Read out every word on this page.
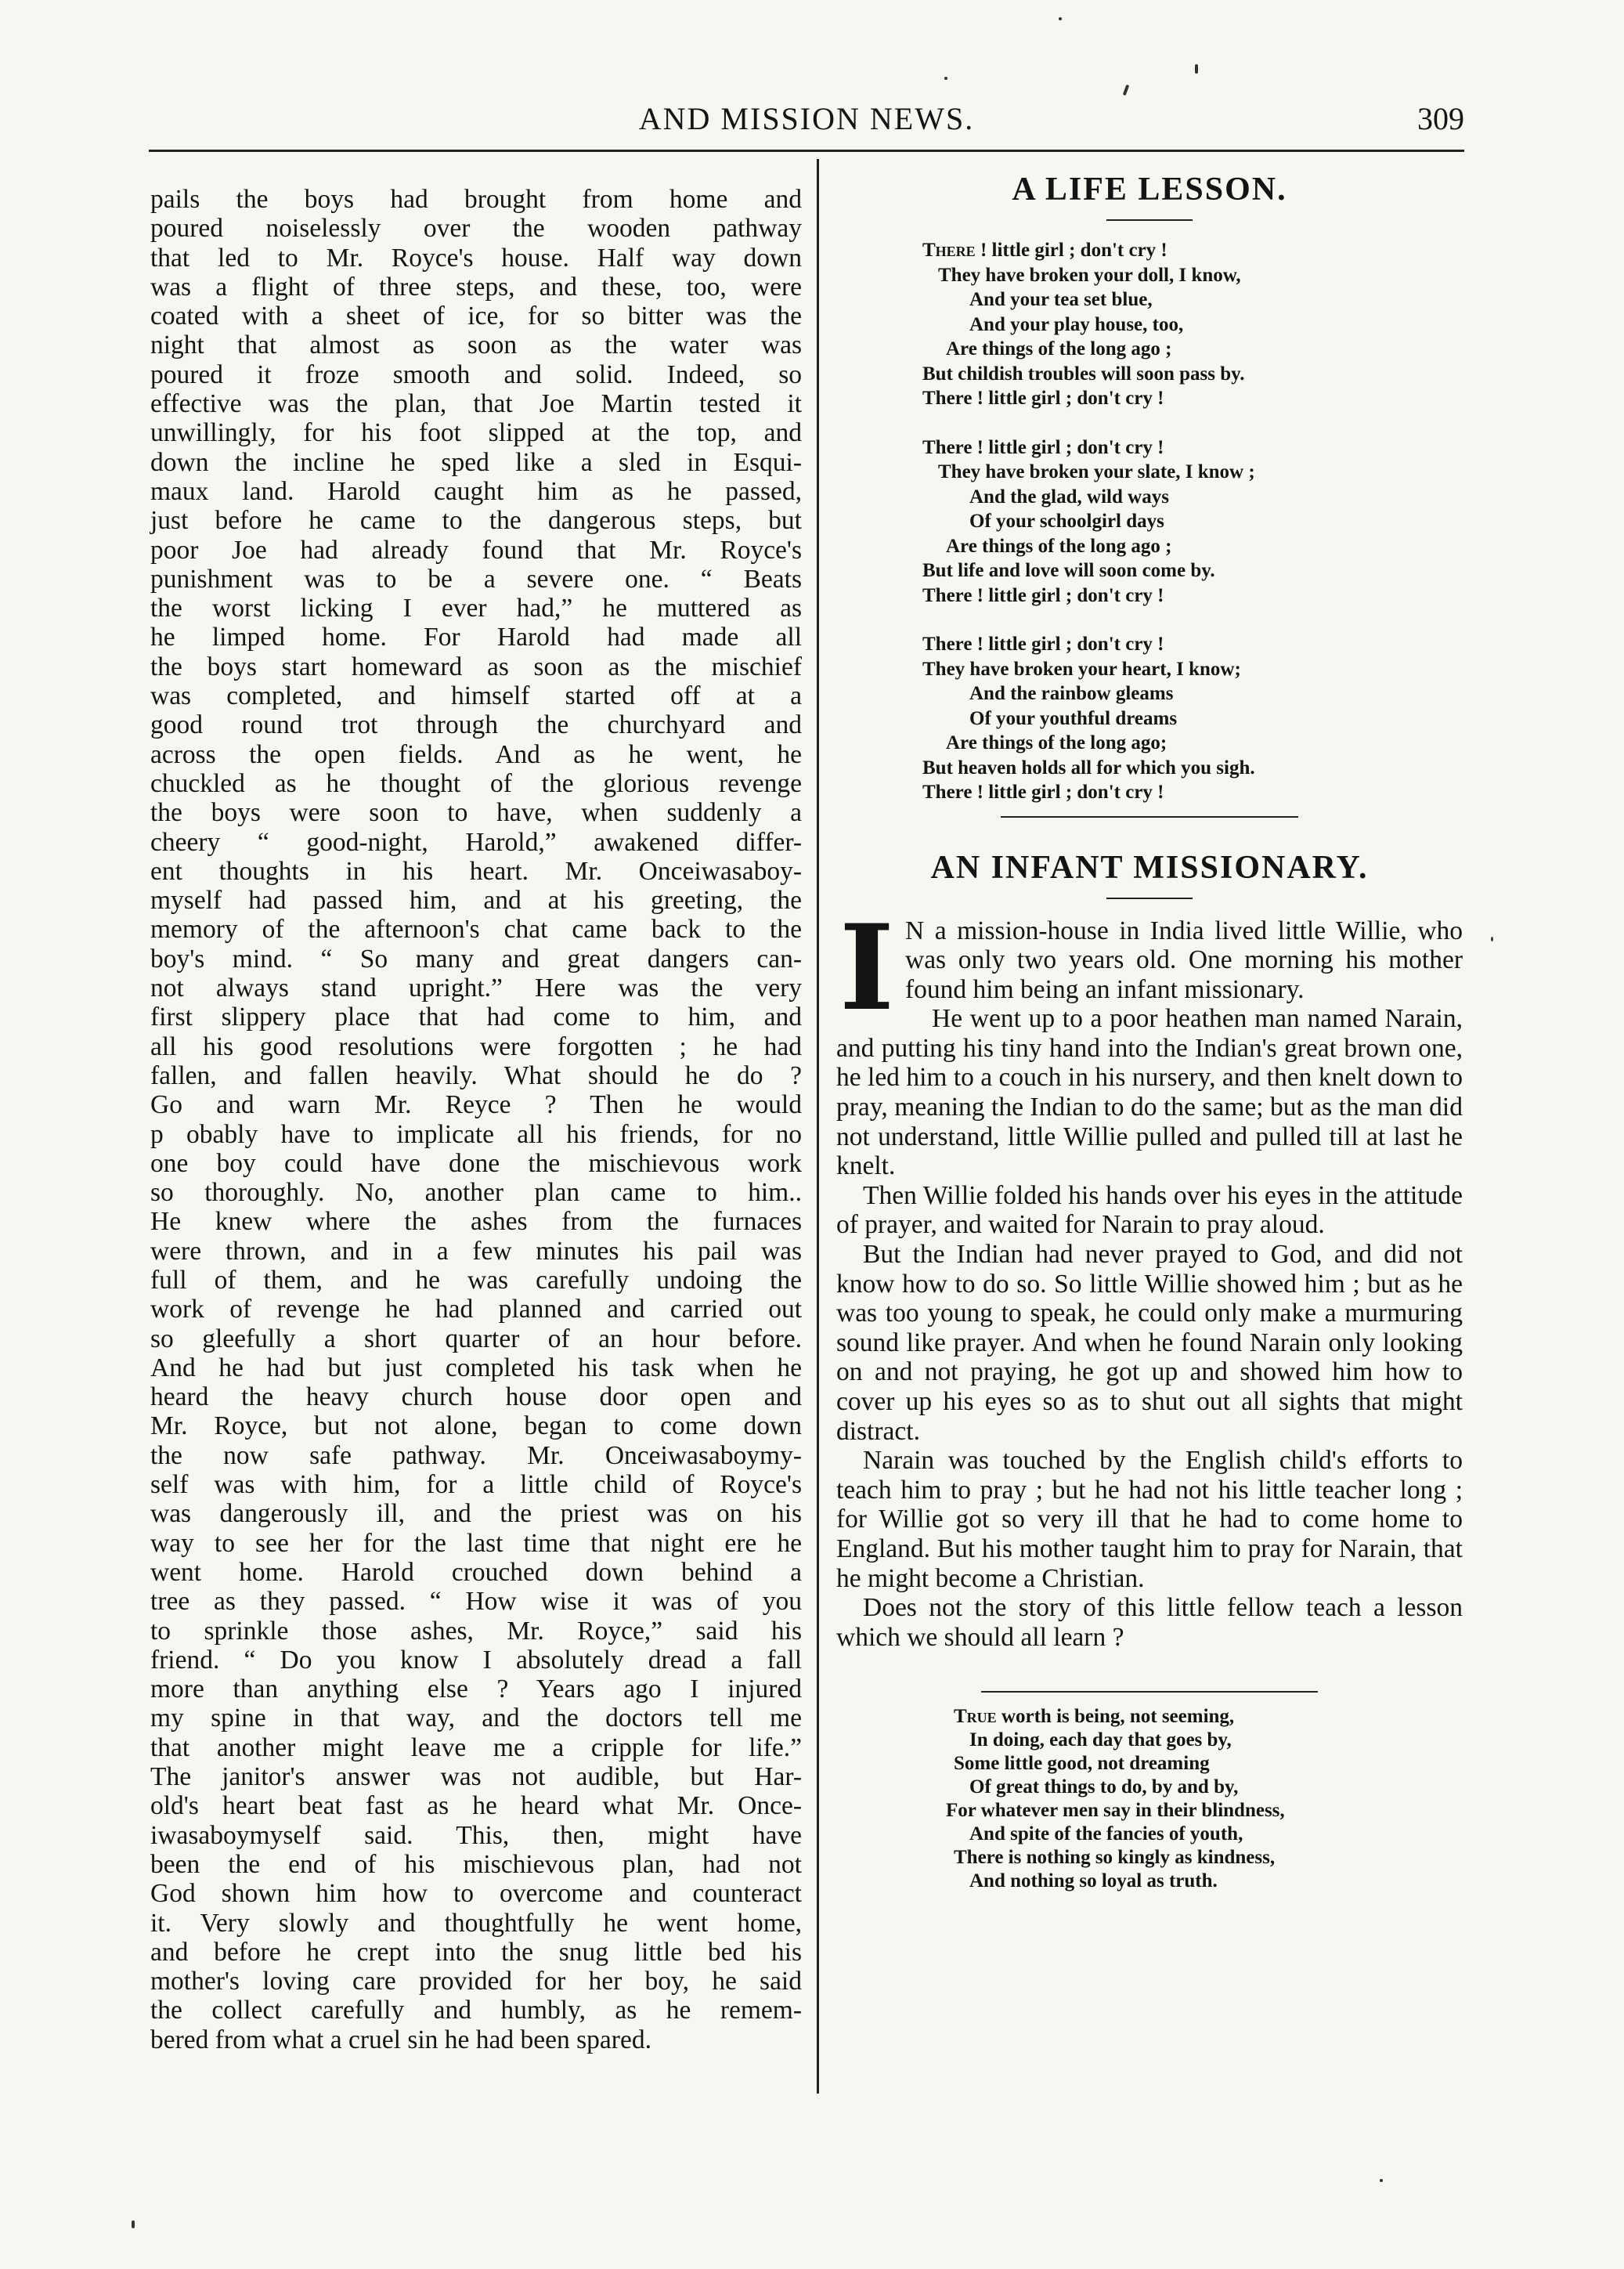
AND MISSION NEWS.	309
pails the boys had brought from home and
poured noiselessly over the wooden pathway
that led to Mr. Royce's house. Half way down
was a flight of three steps, and these, too, were
coated with a sheet of ice, for so bitter was the
night that almost as soon as the water was
poured it froze smooth and solid. Indeed, so
effective was the plan, that Joe Martin tested it
unwillingly, for his foot slipped at the top, and
down the incline he sped like a sled in Esqui-
maux land. Harold caught him as he passed,
just before he came to the dangerous steps, but
poor Joe had already found that Mr. Royce's
punishment was to be a severe one. “ Beats
the worst licking I ever had,” he muttered as
he limped home. For Harold had made all
the boys start homeward as soon as the mischief
was completed, and himself started off at a
good round trot through the churchyard and
across the open fields. And as he went, he
chuckled as he thought of the glorious revenge
the boys were soon to have, when suddenly a
cheery “ good-night, Harold,” awakened differ-
ent thoughts in his heart. Mr. Onceiwasaboy-
myself had passed him, and at his greeting, the
memory of the afternoon's chat came back to the
boy's mind. “ So many and great dangers can-
not always stand upright.” Here was the very
first slippery place that had come to him, and
all his good resolutions were forgotten ; he had
fallen, and fallen heavily. What should he do ?
Go and warn Mr. Reyce ? Then he would
p obably have to implicate all his friends, for no
one boy could have done the mischievous work
so thoroughly. No, another plan came to him..
He knew where the ashes from the furnaces
were thrown, and in a few minutes his pail was
full of them, and he was carefully undoing the
work of revenge he had planned and carried out
so gleefully a short quarter of an hour before.
And he had but just completed his task when he
heard the heavy church house door open and
Mr. Royce, but not alone, began to come down
the now safe pathway. Mr. Onceiwasaboymy-
self was with him, for a little child of Royce's
was dangerously ill, and the priest was on his
way to see her for the last time that night ere he
went home. Harold crouched down behind a
tree as they passed. “ How wise it was of you
to sprinkle those ashes, Mr. Royce,” said his
friend. “ Do you know I absolutely dread a fall
more than anything else ? Years ago I injured
my spine in that way, and the doctors tell me
that another might leave me a cripple for life.”
The janitor's answer was not audible, but Har-
old's heart beat fast as he heard what Mr. Once-
iwasaboymyself said. This, then, might have
been the end of his mischievous plan, had not
God shown him how to overcome and counteract
it. Very slowly and thoughtfully he went home,
and before he crept into the snug little bed his
mother's loving care provided for her boy, he said
the collect carefully and humbly, as he remem-
bered from what a cruel sin he had been spared.
A LIFE LESSON.
There ! little girl ; don't cry !
They have broken your doll, I know,
And your tea set blue,
And your play house, too,
Are things of the long ago ;
But childish troubles will soon pass by.
There ! little girl ; don't cry !
There ! little girl ; don't cry !
They have broken your slate, I know ;
And the glad, wild ways
Of your schoolgirl days
Are things of the long ago ;
But life and love will soon come by.
There ! little girl ; don't cry !
There ! little girl ; don't cry !
They have broken your heart, I know;
And the rainbow gleams
Of your youthful dreams
Are things of the long ago;
But heaven holds all for which you sigh.
There ! little girl ; don't cry !
AN INFANT MISSIONARY.

I N a mission-house in India lived little Willie, who was only two years old. One morning his mother found him being an infant missionary.

He went up to a poor heathen man named Narain, and putting his tiny hand into the Indian's great brown one, he led him to a couch in his nursery, and then knelt down to pray, meaning the Indian to do the same; but as the man did not understand, little Willie pulled and pulled till at last he knelt.

Then Willie folded his hands over his eyes in the attitude of prayer, and waited for Narain to pray aloud.

But the Indian had never prayed to God, and did not know how to do so. So little Willie showed him ; but as he was too young to speak, he could only make a murmuring sound like prayer. And when he found Narain only looking on and not praying, he got up and showed him how to cover up his eyes so as to shut out all sights that might distract.

Narain was touched by the English child's efforts to teach him to pray ; but he had not his little teacher long ; for Willie got so very ill that he had to come home to England. But his mother taught him to pray for Narain, that he might become a Christian.

Does not the story of this little fellow teach a lesson which we should all learn ?

True worth is being, not seeming,
In doing, each day that goes by,
Some little good, not dreaming
Of great things to do, by and by,
For whatever men say in their blindness,
And spite of the fancies of youth,
There is nothing so kingly as kindness,
And nothing so loyal as truth.
